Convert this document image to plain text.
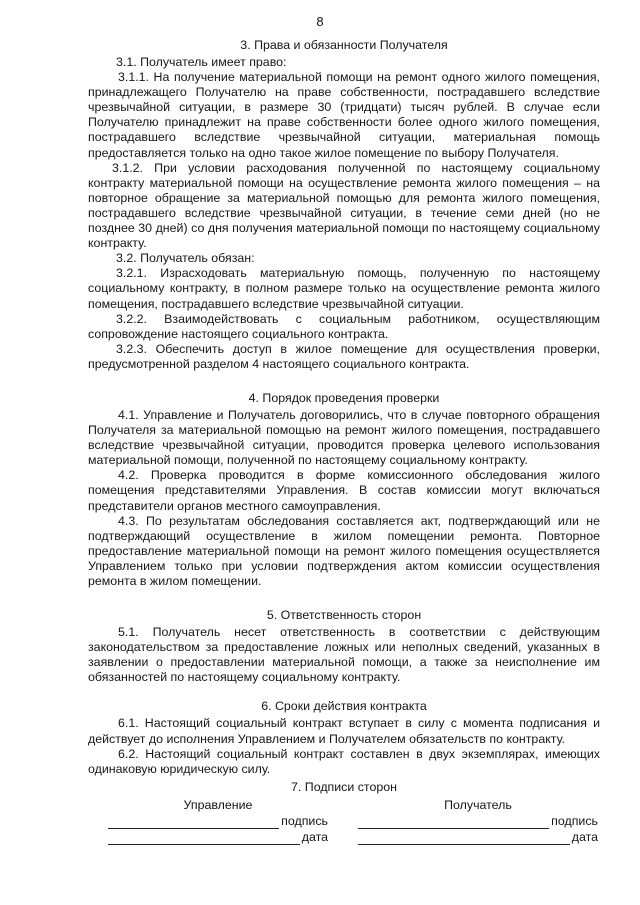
8
3. Права и обязанности Получателя

3.1. Получатель имеет право:

3.1.1. На получение материальной помощи на ремонт одного жилого помещения, принадлежащего Получателю на праве собственности, пострадавшего вследствие чрезвычайной ситуации, в размере 30 (тридцати) тысяч рублей. В случае если Получателю принадлежит на праве собственности более одного жилого помещения, пострадавшего вследствие чрезвычайной ситуации, материальная помощь предоставляется только на одно такое жилое помещение по выбору Получателя.

3.1.2. При условии расходования полученной по настоящему социальному контракту материальной помощи на осуществление ремонта жилого помещения – на повторное обращение за материальной помощью для ремонта жилого помещения, пострадавшего вследствие чрезвычайной ситуации, в течение семи дней (но не позднее 30 дней) со дня получения материальной помощи по настоящему социальному контракту.

3.2. Получатель обязан:

3.2.1. Израсходовать материальную помощь, полученную по настоящему социальному контракту, в полном размере только на осуществление ремонта жилого помещения, пострадавшего вследствие чрезвычайной ситуации.

3.2.2. Взаимодействовать с социальным работником, осуществляющим сопровождение настоящего социального контракта.

3.2.3. Обеспечить доступ в жилое помещение для осуществления проверки, предусмотренной разделом 4 настоящего социального контракта.

4. Порядок проведения проверки

4.1. Управление и Получатель договорились, что в случае повторного обращения Получателя за материальной помощью на ремонт жилого помещения, пострадавшего вследствие чрезвычайной ситуации, проводится проверка целевого использования материальной помощи, полученной по настоящему социальному контракту.

4.2. Проверка проводится в форме комиссионного обследования жилого помещения представителями Управления. В состав комиссии могут включаться представители органов местного самоуправления.

4.3. По результатам обследования составляется акт, подтверждающий или не подтверждающий осуществление в жилом помещении ремонта. Повторное предоставление материальной помощи на ремонт жилого помещения осуществляется Управлением только при условии подтверждения актом комиссии осуществления ремонта в жилом помещении.

5. Ответственность сторон

5.1. Получатель несет ответственность в соответствии с действующим законодательством за предоставление ложных или неполных сведений, указанных в заявлении о предоставлении материальной помощи, а также за неисполнение им обязанностей по настоящему социальному контракту.

6. Сроки действия контракта

6.1. Настоящий социальный контракт вступает в силу с момента подписания и действует до исполнения Управлением и Получателем обязательств по контракту.

6.2. Настоящий социальный контракт составлен в двух экземплярах, имеющих одинаковую юридическую силу.

7. Подписи сторон
Управление
подпись
дата
Получатель
подпись
дата
